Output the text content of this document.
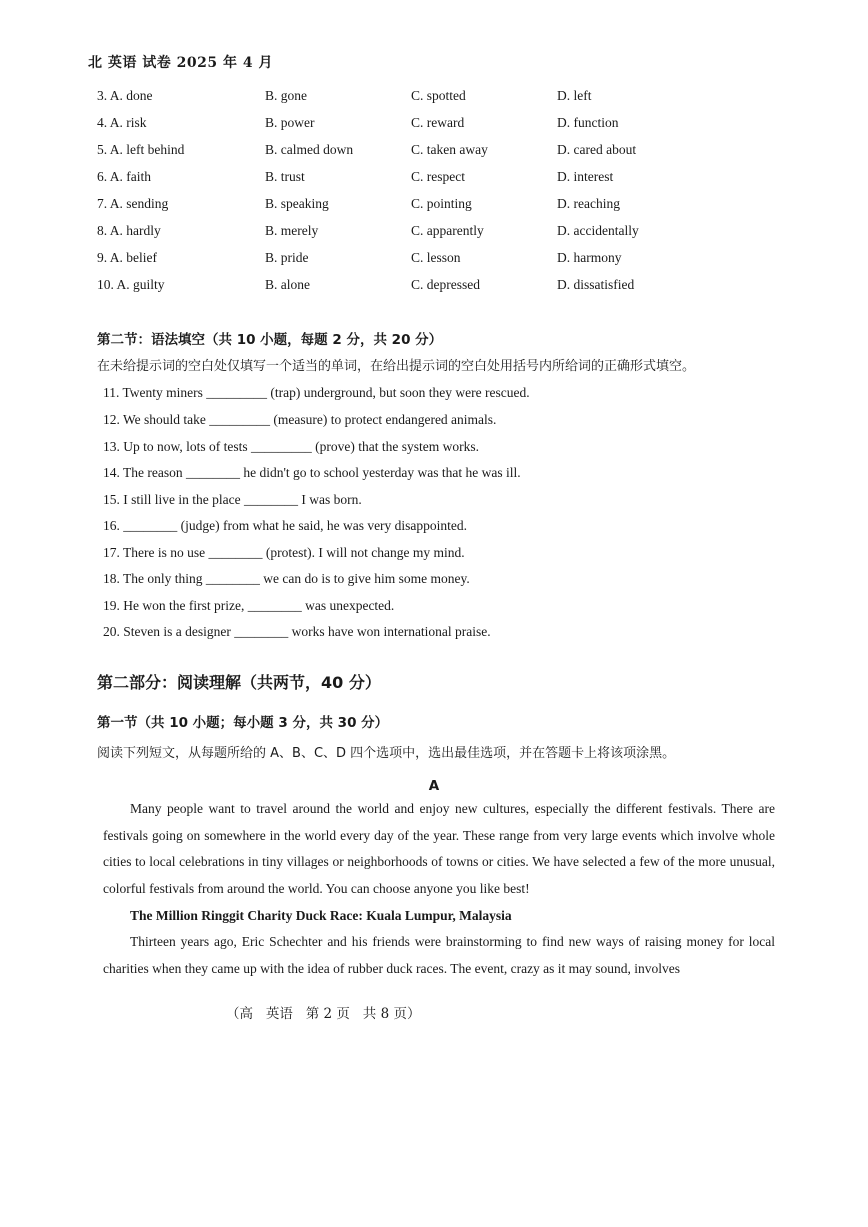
北 英语 试卷 2025 年 4 月
3. A. done	B. gone	C. spotted	D. left
4. A. risk	B. power	C. reward	D. function
5. A. left behind	B. calmed down	C. taken away	D. cared about
6. A. faith	B. trust	C. respect	D. interest
7. A. sending	B. speaking	C. pointing	D. reaching
8. A. hardly	B. merely	C. apparently	D. accidentally
9. A. belief	B. pride	C. lesson	D. harmony
10. A. guilty	B. alone	C. depressed	D. dissatisfied
第二节：语法填空（共 10 小题，每题 2 分，共 20 分）
在未给提示词的空白处仅填写一个适当的单词，在给出提示词的空白处用括号内所给词的正确形式填空。
11. Twenty miners _________ (trap) underground, but soon they were rescued.
12. We should take _________ (measure) to protect endangered animals.
13. Up to now, lots of tests _________ (prove) that the system works.
14. The reason ________ he didn't go to school yesterday was that he was ill.
15. I still live in the place ________ I was born.
16. ________ (judge) from what he said, he was very disappointed.
17. There is no use ________ (protest). I will not change my mind.
18. The only thing ________ we can do is to give him some money.
19. He won the first prize, ________ was unexpected.
20. Steven is a designer ________ works have won international praise.
第二部分：阅读理解（共两节，40 分）
第一节（共 10 小题；每小题 3 分，共 30 分）
阅读下列短文，从每题所给的 A、B、C、D 四个选项中，选出最佳选项，并在答题卡上将该项涂黑。
A

Many people want to travel around the world and enjoy new cultures, especially the different festivals. There are festivals going on somewhere in the world every day of the year. These range from very large events which involve whole cities to local celebrations in tiny villages or neighborhoods of towns or cities. We have selected a few of the more unusual, colorful festivals from around the world. You can choose anyone you like best!

The Million Ringgit Charity Duck Race: Kuala Lumpur, Malaysia

Thirteen years ago, Eric Schechter and his friends were brainstorming to find new ways of raising money for local charities when they came up with the idea of rubber duck races. The event, crazy as it may sound, involves

（高   英语   第 2 页   共 8 页）
